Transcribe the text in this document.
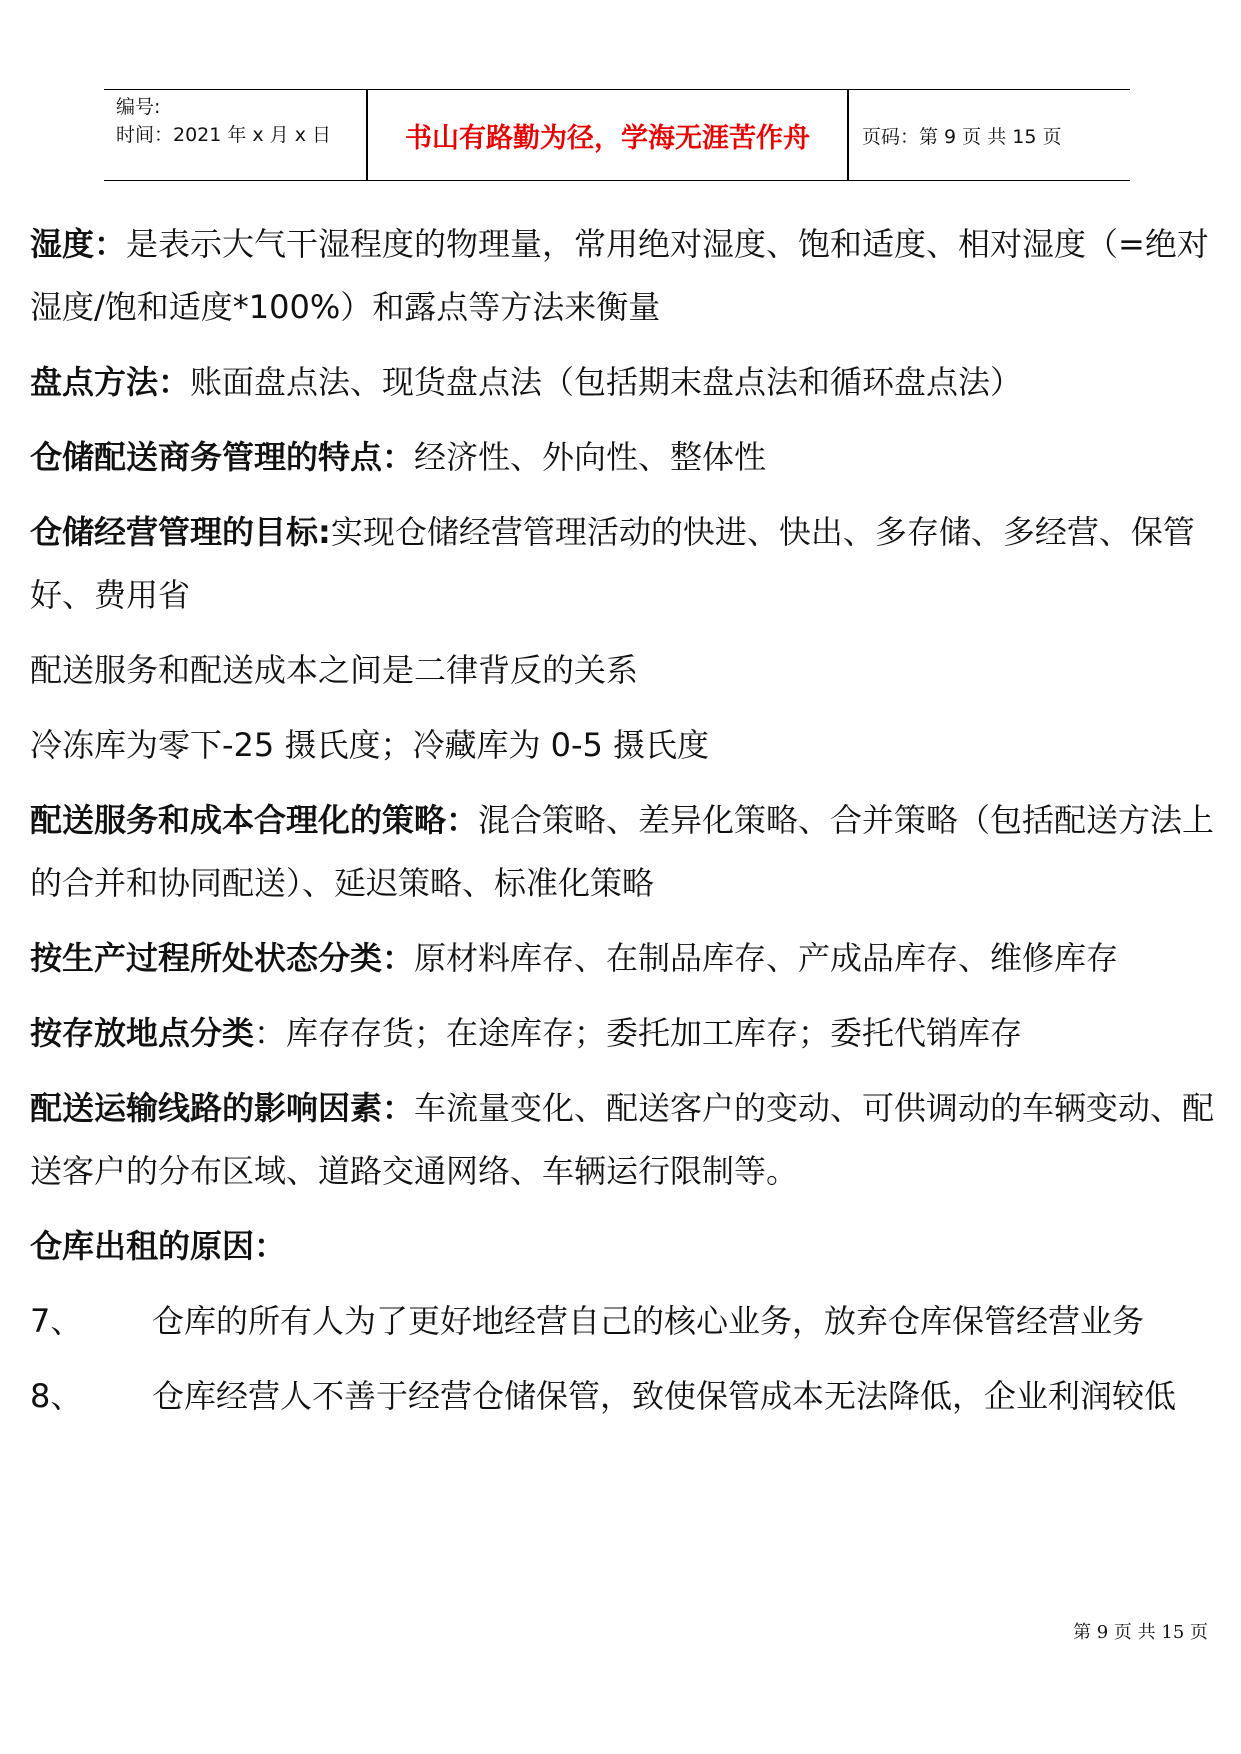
编号:
时间：2021 年 x 月 x 日	书山有路勤为径，学海无涯苦作舟	页码：第 9 页 共 15 页

湿度：是表示大气干湿程度的物理量，常用绝对湿度、饱和适度、相对湿度（=绝对湿度/饱和适度*100%）和露点等方法来衡量

盘点方法：账面盘点法、现货盘点法（包括期末盘点法和循环盘点法）

仓储配送商务管理的特点：经济性、外向性、整体性

仓储经营管理的目标:实现仓储经营管理活动的快进、快出、多存储、多经营、保管好、费用省

配送服务和配送成本之间是二律背反的关系

冷冻库为零下-25 摄氏度；冷藏库为 0-5 摄氏度

配送服务和成本合理化的策略：混合策略、差异化策略、合并策略（包括配送方法上的合并和协同配送）、延迟策略、标准化策略

按生产过程所处状态分类：原材料库存、在制品库存、产成品库存、维修库存

按存放地点分类：库存存货；在途库存；委托加工库存；委托代销库存

配送运输线路的影响因素：车流量变化、配送客户的变动、可供调动的车辆变动、配送客户的分布区域、道路交通网络、车辆运行限制等。

仓库出租的原因：

7、	仓库的所有人为了更好地经营自己的核心业务，放弃仓库保管经营业务
8、	仓库经营人不善于经营仓储保管，致使保管成本无法降低，企业利润较低
第 9 页 共 15 页
